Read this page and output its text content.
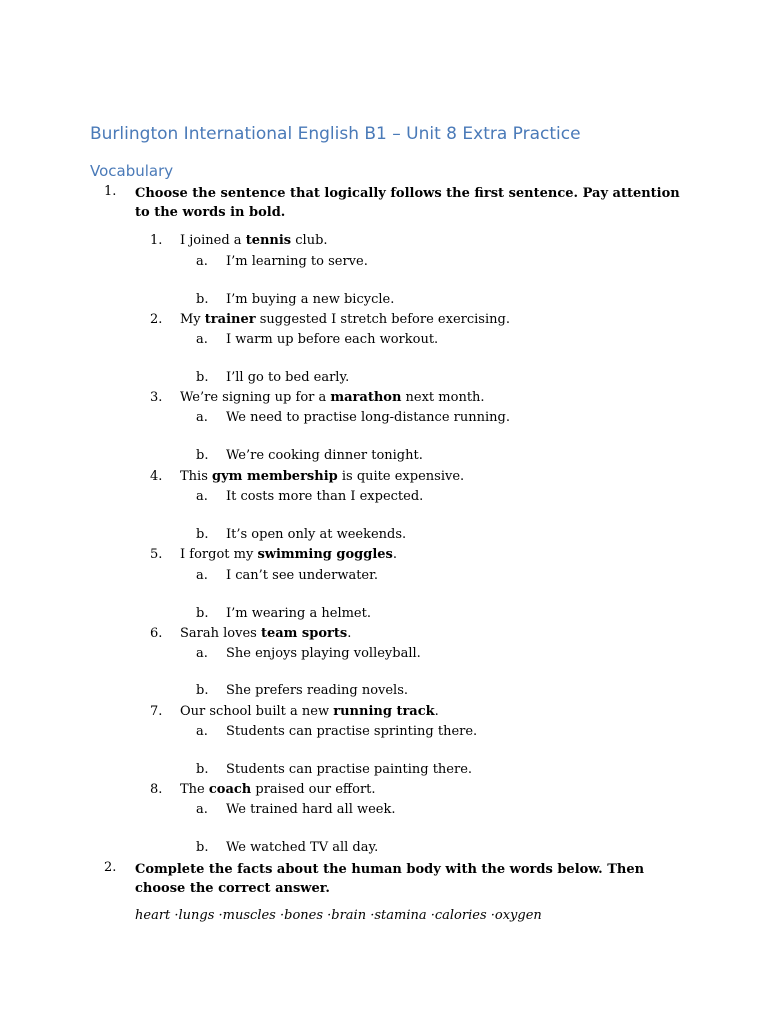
Burlington International English B1 – Unit 8 Extra Practice
Vocabulary
1. Choose the sentence that logically follows the first sentence. Pay attention to the words in bold.
1. I joined a tennis club.
a. I’m learning to serve.
b. I’m buying a new bicycle.
2. My trainer suggested I stretch before exercising.
a. I warm up before each workout.
b. I’ll go to bed early.
3. We’re signing up for a marathon next month.
a. We need to practise long-distance running.
b. We’re cooking dinner tonight.
4. This gym membership is quite expensive.
a. It costs more than I expected.
b. It’s open only at weekends.
5. I forgot my swimming goggles.
a. I can’t see underwater.
b. I’m wearing a helmet.
6. Sarah loves team sports.
a. She enjoys playing volleyball.
b. She prefers reading novels.
7. Our school built a new running track.
a. Students can practise sprinting there.
b. Students can practise painting there.
8. The coach praised our effort.
a. We trained hard all week.
b. We watched TV all day.
2. Complete the facts about the human body with the words below. Then choose the correct answer.
heart ·lungs ·muscles ·bones ·brain ·stamina ·calories ·oxygen
